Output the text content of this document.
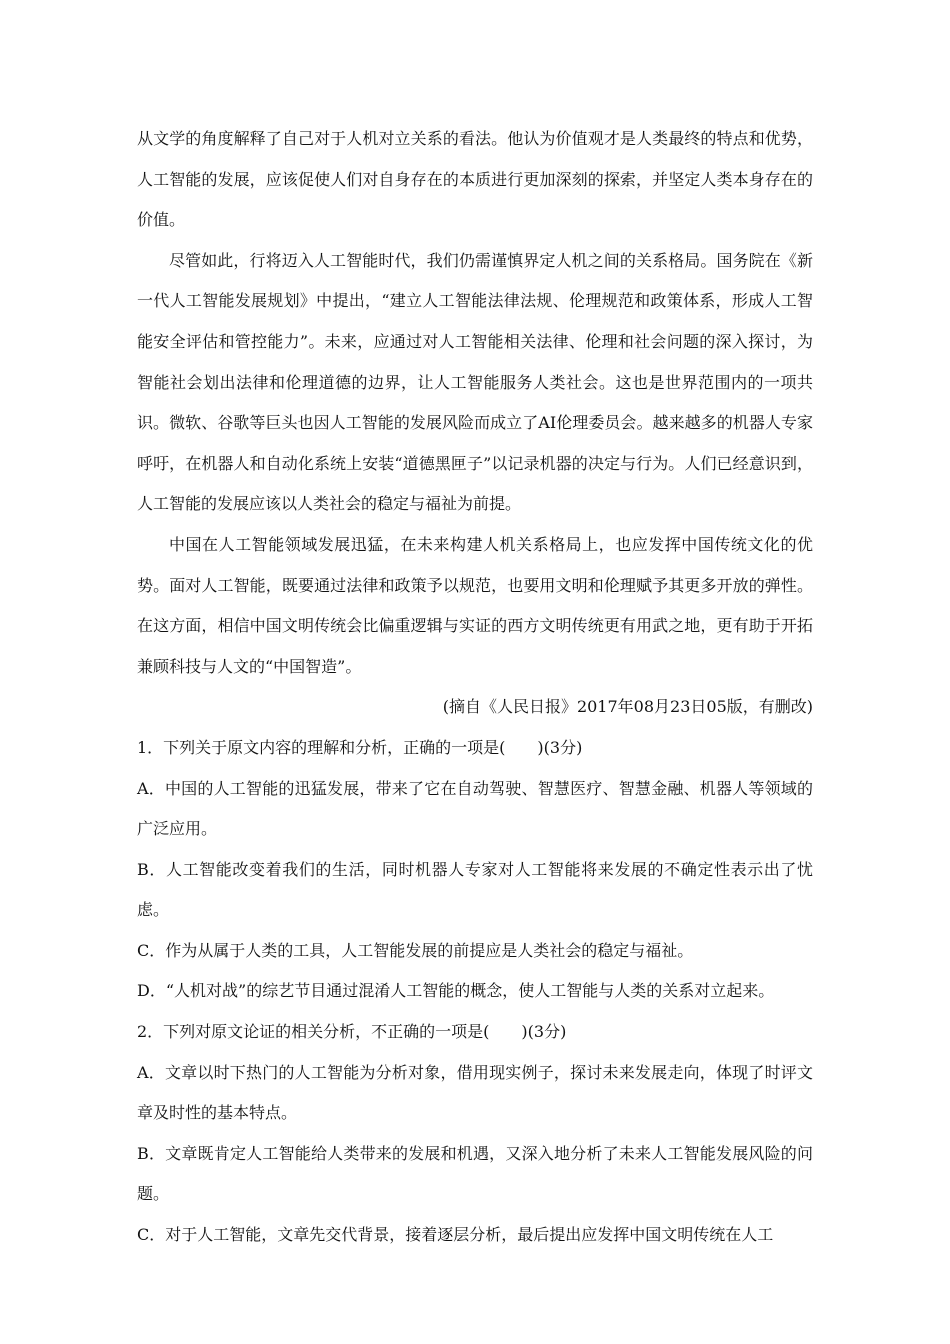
从文学的角度解释了自己对于人机对立关系的看法。他认为价值观才是人类最终的特点和优势，人工智能的发展，应该促使人们对自身存在的本质进行更加深刻的探索，并坚定人类本身存在的价值。

尽管如此，行将迈入人工智能时代，我们仍需谨慎界定人机之间的关系格局。国务院在《新一代人工智能发展规划》中提出，“建立人工智能法律法规、伦理规范和政策体系，形成人工智能安全评估和管控能力”。未来，应通过对人工智能相关法律、伦理和社会问题的深入探讨，为智能社会划出法律和伦理道德的边界，让人工智能服务人类社会。这也是世界范围内的一项共识。微软、谷歌等巨头也因人工智能的发展风险而成立了AI伦理委员会。越来越多的机器人专家呼吁，在机器人和自动化系统上安装“道德黑匣子”以记录机器的决定与行为。人们已经意识到，人工智能的发展应该以人类社会的稳定与福祉为前提。

中国在人工智能领域发展迅猛，在未来构建人机关系格局上，也应发挥中国传统文化的优势。面对人工智能，既要通过法律和政策予以规范，也要用文明和伦理赋予其更多开放的弹性。在这方面，相信中国文明传统会比偏重逻辑与实证的西方文明传统更有用武之地，更有助于开拓兼顾科技与人文的“中国智造”。

(摘自《人民日报》2017年08月23日05版，有删改)

1．下列关于原文内容的理解和分析，正确的一项是(　　)(3分)

A．中国的人工智能的迅猛发展，带来了它在自动驾驶、智慧医疗、智慧金融、机器人等领域的广泛应用。

B．人工智能改变着我们的生活，同时机器人专家对人工智能将来发展的不确定性表示出了忧虑。

C．作为从属于人类的工具，人工智能发展的前提应是人类社会的稳定与福祉。

D．“人机对战”的综艺节目通过混淆人工智能的概念，使人工智能与人类的关系对立起来。

2．下列对原文论证的相关分析，不正确的一项是(　　)(3分)

A．文章以时下热门的人工智能为分析对象，借用现实例子，探讨未来发展走向，体现了时评文章及时性的基本特点。

B．文章既肯定人工智能给人类带来的发展和机遇，又深入地分析了未来人工智能发展风险的问题。

C．对于人工智能，文章先交代背景，接着逐层分析，最后提出应发挥中国文明传统在人工
